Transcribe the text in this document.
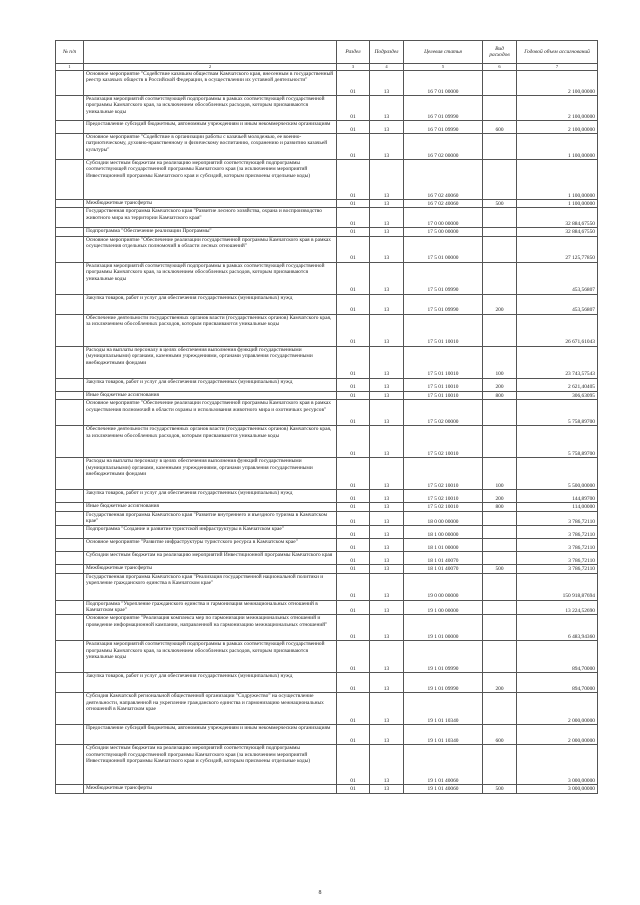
№ п/п		Раздел	Подраздел	Целевая статья	Вид расходов	Годовой объем ассигнований
1	2	3	4	5	6	7
	Основное мероприятие "Содействие казачьим обществам Камчатского края, внесенным в государственный реестр казачьих обществ в Российской Федерации, в осуществлении их уставной деятельности"	01	13	16 7 01 00000		2 100,00000
	Реализация мероприятий соответствующей подпрограммы в рамках соответствующей государственной программы Камчатского края, за исключением обособленных расходов, которым присваиваются уникальные коды	01	13	16 7 01 09990		2 100,00000
	Предоставление субсидий бюджетным, автономным учреждениям и иным некоммерческим организациям	01	13	16 7 01 09990	600	2 100,00000
	Основное мероприятие "Содействие в организации работы с казачьей молодежью, ее военно-патриотическому, духовно-нравственному и физическому воспитанию, сохранению и развитию казачьей культуры"	01	13	16 7 02 00000		1 100,00000
	Субсидии местным бюджетам на реализацию мероприятий соответствующей подпрограммы соответствующей государственной программы Камчатского края (за исключением мероприятий Инвестиционной программы Камчатского края и субсидий, которым присвоены отдельные коды)	01	13	16 7 02 40060		1 100,00000
	Межбюджетные трансферты	01	13	16 7 02 40060	500	1 100,00000
	Государственная программа Камчатского края "Развитие лесного хозяйства, охрана и воспроизводство животного мира на территории Камчатского края"	01	13	17 0 00 00000		32 884,67550
	Подпрограмма "Обеспечение реализации Программы"	01	13	17 5 00 00000		32 884,67550
	Основное мероприятие "Обеспечение реализации государственной программы Камчатского края в рамках осуществления отдельных полномочий в области лесных отношений"	01	13	17 5 01 00000		27 125,77850
	Реализация мероприятий соответствующей подпрограммы в рамках соответствующей государственной программы Камчатского края, за исключением обособленных расходов, которым присваиваются уникальные коды	01	13	17 5 01 09990		453,56807
	Закупка товаров, работ и услуг для обеспечения государственных (муниципальных) нужд	01	13	17 5 01 09990	200	453,56807
	Обеспечение деятельности государственных органов власти (государственных органов) Камчатского края, за исключением обособленных расходов, которым присваиваются уникальные коды	01	13	17 5 01 10010		26 671,61043
	Расходы на выплаты персоналу в целях обеспечения выполнения функций государственными (муниципальными) органами, казенными учреждениями, органами управления государственными внебюджетными фондами	01	13	17 5 01 10010	100	23 743,57543
	Закупка товаров, работ и услуг для обеспечения государственных (муниципальных) нужд	01	13	17 5 01 10010	200	2 621,40405
	Иные бюджетные ассигнования	01	13	17 5 01 10010	800	306,63095
	Основное мероприятие "Обеспечение реализации государственной программы Камчатского края в рамках осуществления полномочий в области охраны и использования животного мира и охотничьих ресурсов"	01	13	17 5 02 00000		5 758,89700
	Обеспечение деятельности государственных органов власти (государственных органов) Камчатского края, за исключением обособленных расходов, которым присваиваются уникальные коды	01	13	17 5 02 10010		5 758,89700
	Расходы на выплаты персоналу в целях обеспечения выполнения функций государственными (муниципальными) органами, казенными учреждениями, органами управления государственными внебюджетными фондами	01	13	17 5 02 10010	100	5 500,00000
	Закупка товаров, работ и услуг для обеспечения государственных (муниципальных) нужд	01	13	17 5 02 10010	200	144,89700
	Иные бюджетные ассигнования	01	13	17 5 02 10010	800	114,00000
	Государственная программа Камчатского края "Развитие внутреннего и въездного туризма в Камчатском крае"	01	13	18 0 00 00000		3 786,72110
	Подпрограмма "Создание и развитие туристской инфраструктуры в Камчатском крае"	01	13	18 1 00 00000		3 786,72110
	Основное мероприятие "Развитие инфраструктуры туристского ресурса в Камчатском крае"	01	13	18 1 01 00000		3 786,72110
	Субсидии местным бюджетам на реализацию мероприятий Инвестиционной программы Камчатского края	01	13	18 1 01 40070		3 786,72110
	Межбюджетные трансферты	01	13	18 1 01 40070	500	3 786,72110
	Государственная программа Камчатского края "Реализация государственной национальной политики и укрепление гражданского единства в Камчатском крае"	01	13	19 0 00 00000		150 918,87694
	Подпрограмма "Укрепление гражданского единства и гармонизация межнациональных отношений в Камчатском крае"	01	13	19 1 00 00000		13 224,52690
	Основное мероприятие "Реализация комплекса мер по гармонизации межнациональных отношений и проведение информационной кампании, направленной на гармонизацию межнациональных отношений"	01	13	19 1 01 00000		6 483,94360
	Реализация мероприятий соответствующей подпрограммы в рамках соответствующей государственной программы Камчатского края, за исключением обособленных расходов, которым присваиваются уникальные коды	01	13	19 1 01 09990		894,70000
	Закупка товаров, работ и услуг для обеспечения государственных (муниципальных) нужд	01	13	19 1 01 09990	200	894,70000
	Субсидия Камчатской региональной общественной организации "Содружество" на осуществление деятельности, направленной на укрепление гражданского единства и гармонизацию межнациональных отношений в Камчатском крае	01	13	19 1 01 10340		2 000,00000
	Предоставление субсидий бюджетным, автономным учреждениям и иным некоммерческим организациям	01	13	19 1 01 10340	600	2 000,00000
	Субсидии местным бюджетам на реализацию мероприятий соответствующей подпрограммы соответствующей государственной программы Камчатского края (за исключением мероприятий Инвестиционной программы Камчатского края и субсидий, которым присвоены отдельные коды)	01	13	19 1 01 40060		3 000,00000
	Межбюджетные трансферты	01	13	19 1 01 40060	500	3 000,00000
8
